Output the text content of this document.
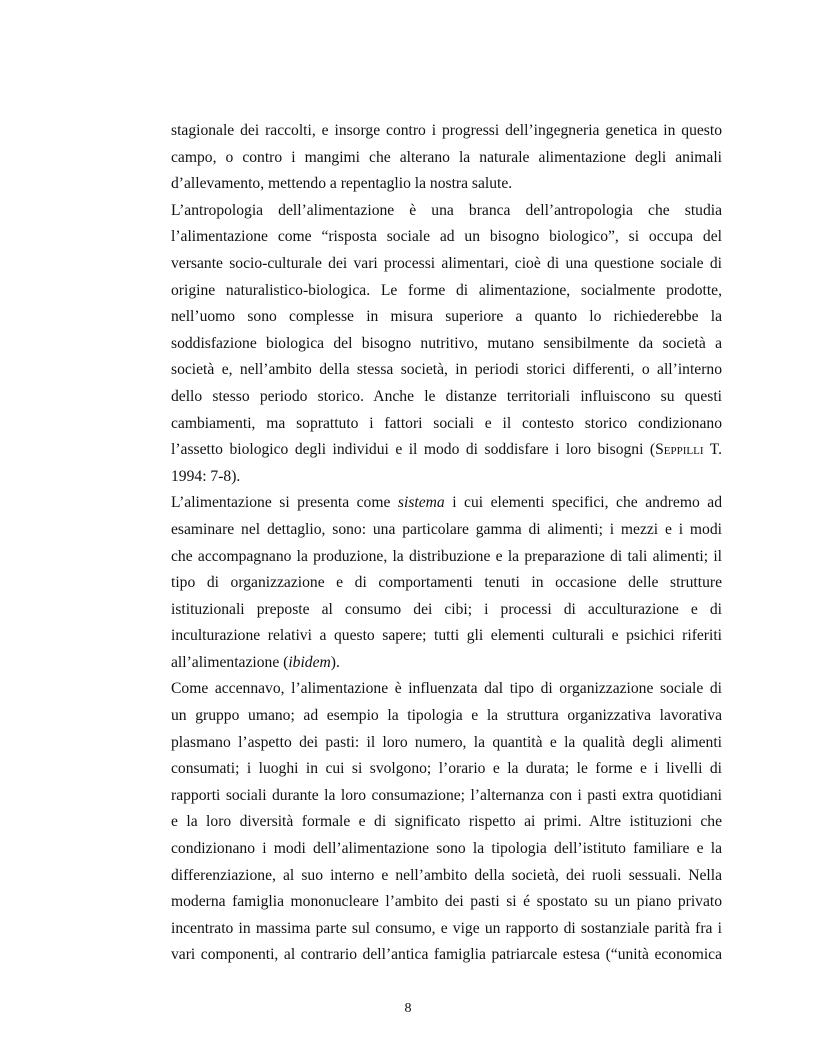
stagionale dei raccolti, e insorge contro i progressi dell’ingegneria genetica in questo
campo, o contro i mangimi che alterano la naturale alimentazione degli animali
d’allevamento, mettendo a repentaglio la nostra salute.
L’antropologia dell’alimentazione è una branca dell’antropologia che studia
l’alimentazione come “risposta sociale ad un bisogno biologico”, si occupa del
versante socio-culturale dei vari processi alimentari, cioè di una questione sociale di
origine naturalistico-biologica. Le forme di alimentazione, socialmente prodotte,
nell’uomo sono complesse in misura superiore a quanto lo richiederebbe la
soddisfazione biologica del bisogno nutritivo, mutano sensibilmente da società a
società e, nell’ambito della stessa società, in periodi storici differenti, o all’interno
dello stesso periodo storico. Anche le distanze territoriali influiscono su questi
cambiamenti, ma soprattuto i fattori sociali e il contesto storico condizionano
l’assetto biologico degli individui e il modo di soddisfare i loro bisogni (Seppilli T.
1994: 7-8).
L’alimentazione si presenta come sistema i cui elementi specifici, che andremo ad
esaminare nel dettaglio, sono: una particolare gamma di alimenti; i mezzi e i modi
che accompagnano la produzione, la distribuzione e la preparazione di tali alimenti; il
tipo di organizzazione e di comportamenti tenuti in occasione delle strutture
istituzionali preposte al consumo dei cibi; i processi di acculturazione e di
inculturazione relativi a questo sapere; tutti gli elementi culturali e psichici riferiti
all’alimentazione (ibidem).
Come accennavo, l’alimentazione è influenzata dal tipo di organizzazione sociale di
un gruppo umano; ad esempio la tipologia e la struttura organizzativa lavorativa
plasmano l’aspetto dei pasti: il loro numero, la quantità e la qualità degli alimenti
consumati; i luoghi in cui si svolgono; l’orario e la durata; le forme e i livelli di
rapporti sociali durante la loro consumazione; l’alternanza con i pasti extra quotidiani
e la loro diversità formale e di significato rispetto ai primi. Altre istituzioni che
condizionano i modi dell’alimentazione sono la tipologia dell’istituto familiare e la
differenziazione, al suo interno e nell’ambito della società, dei ruoli sessuali. Nella
moderna famiglia mononucleare l’ambito dei pasti si é spostato su un piano privato
incentrato in massima parte sul consumo, e vige un rapporto di sostanziale parità fra i
vari componenti, al contrario dell’antica famiglia patriarcale estesa (“unità economica
8
